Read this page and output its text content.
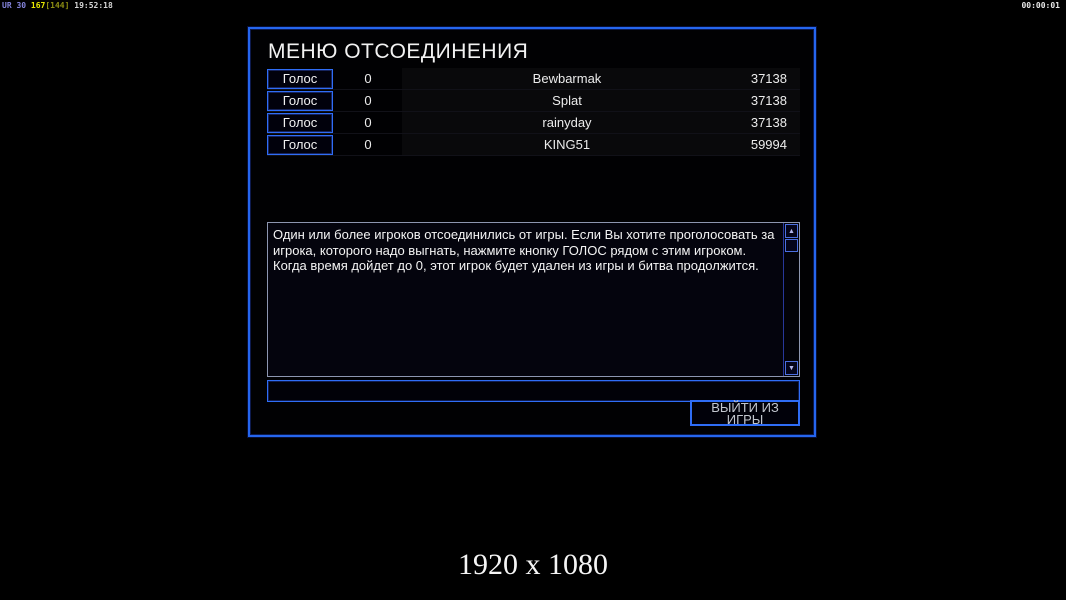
UR 30 167[144] 19:52:18	00:00:01
МЕНЮ ОТСОЕДИНЕНИЯ
Голос	0	Bewbarmak	37138
Голос	0	Splat	37138
Голос	0	rainyday	37138
Голос	0	KING51	59994
Один или более игроков отсоединились от игры. Если Вы хотите проголосовать за игрока, которого надо выгнать, нажмите кнопку ГОЛОС рядом с этим игроком. Когда время дойдет до 0, этот игрок будет удален из игры и битва продолжится.
▲
▼
ВЫЙТИ ИЗ ИГРЫ
1920 x 1080
